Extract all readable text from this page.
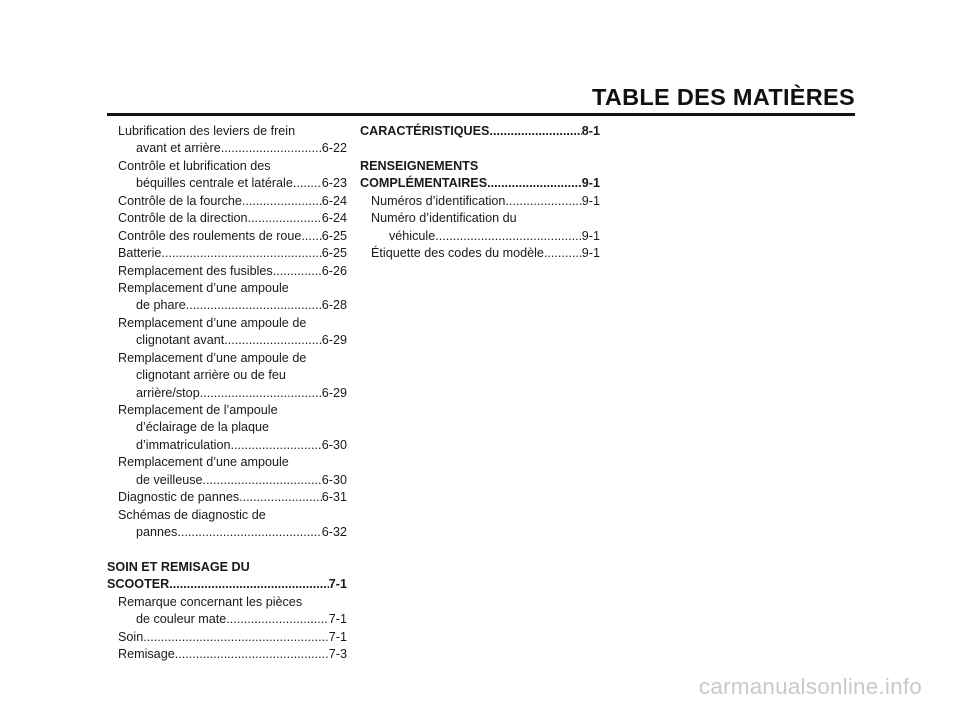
TABLE DES MATIÈRES
Lubrification des leviers de frein
avant et arrière .....	6-22
Contrôle et lubrification des
béquilles centrale et latérale ..... 6-23
Contrôle de la fourche .....	6-24
Contrôle de la direction .....	6-24
Contrôle des roulements de roue ..... 6-25
Batterie .....	6-25
Remplacement des fusibles .....	6-26
Remplacement d’une ampoule
de phare .....	6-28
Remplacement d’une ampoule de
clignotant avant .....	6-29
Remplacement d’une ampoule de
clignotant arrière ou de feu
arrière/stop .....	6-29
Remplacement de l’ampoule
d’éclairage de la plaque
d’immatriculation .....	6-30
Remplacement d’une ampoule
de veilleuse .....	6-30
Diagnostic de pannes .....	6-31
Schémas de diagnostic de
pannes .....	6-32
SOIN ET REMISAGE DU
SCOOTER .....	7-1
Remarque concernant les pièces
de couleur mate .....	7-1
Soin .....	7-1
Remisage .....	7-3
CARACTÉRISTIQUES .....	8-1
RENSEIGNEMENTS
COMPLÉMENTAIRES .....	9-1
Numéros d’identification .....	9-1
Numéro d’identification du
véhicule .....	9-1
Étiquette des codes du modèle .....	9-1
carmanualsonline.info
